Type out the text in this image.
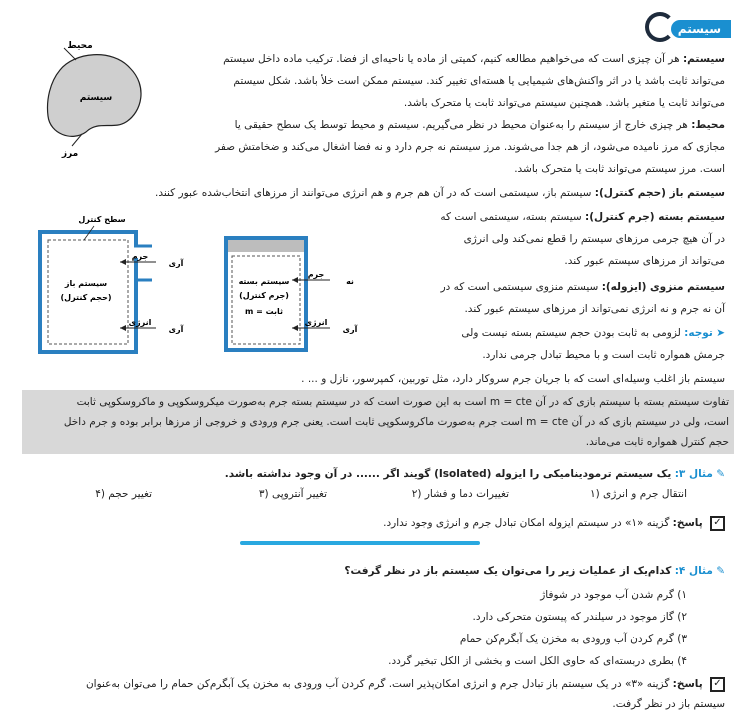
سیستم
محیط
سیستم
مرز
سیستم: هر آن چیزی است که می‌خواهیم مطالعه کنیم، کمیتی از ماده یا ناحیه‌ای از فضا. ترکیب ماده داخل سیستم
می‌تواند ثابت باشد یا در اثر واکنش‌های شیمیایی یا هسته‌ای تغییر کند. سیستم ممکن است خلأ باشد. شکل سیستم
می‌تواند ثابت یا متغیر باشد. همچنین سیستم می‌تواند ثابت یا متحرک باشد.
محیط: هر چیزی خارج از سیستم را به‌عنوان محیط در نظر می‌گیریم. سیستم و محیط توسط یک سطح حقیقی یا
مجازی که مرز نامیده می‌شود، از هم جدا می‌شوند. مرز سیستم نه جرم دارد و نه فضا اشغال می‌کند و ضخامتش صفر
است. مرز سیستم می‌تواند ثابت یا متحرک باشد.
سیستم باز (حجم کنترل): سیستم باز، سیستمی است که در آن هم جرم و هم انرژی می‌توانند از مرزهای انتخاب‌شده عبور کنند.
سیستم بسته (جرم کنترل): سیستم بسته، سیستمی است که
در آن هیچ جرمی مرزهای سیستم را قطع نمی‌کند ولی انرژی
می‌تواند از مرزهای سیستم عبور کند.
سیستم منزوی (ایزوله): سیستم منزوی سیستمی است که در
آن نه جرم و نه انرژی نمی‌تواند از مرزهای سیستم عبور کند.
➤ توجه: لزومی به ثابت بودن حجم سیستم بسته نیست ولی
جرمش همواره ثابت است و با محیط تبادل جرمی ندارد.
سیستم باز اغلب وسیله‌ای است که با جریان جرم سروکار دارد، مثل توربین، کمپرسور، نازل و ... .
سطح کنترل
سیستم باز
(حجم کنترل)
جرم
انرژی
آری
آری
سیستم بسته
(جرم کنترل)
m = ثابت
جرم
انرژی
نه
آری
تفاوت سیستم بسته با سیستم بازی که در آن m = cte است به این صورت است که در سیستم بسته جرم به‌صورت میکروسکوپی و ماکروسکوپی ثابت
است، ولی در سیستم بازی که در آن m = cte است جرم به‌صورت ماکروسکوپی ثابت است. یعنی جرم ورودی و خروجی از مرزها برابر بوده و جرم داخل
حجم کنترل همواره ثابت می‌ماند.
✎ مثال ۳: یک سیستم ترمودینامیکی را ایزوله (Isolated) گویند اگر ...... در آن وجود نداشته باشد.
۱) انتقال جرم و انرژی
۲) تغییرات دما و فشار
۳) تغییر آنتروپی
۴) تغییر حجم
✓ پاسخ: گزینه «۱» در سیستم ایزوله امکان تبادل جرم و انرژی وجود ندارد.
✎ مثال ۴: کدام‌یک از عملیات زیر را می‌توان یک سیستم باز در نظر گرفت؟
۱) گرم شدن آب موجود در شوفاژ
۲) گاز موجود در سیلندر که پیستون متحرکی دارد.
۳) گرم کردن آب ورودی به مخزن یک آبگرم‌کن حمام
۴) بطری دربسته‌ای که حاوی الکل است و بخشی از الکل تبخیر گردد.
✓ پاسخ: گزینه «۳» در یک سیستم باز تبادل جرم و انرژی امکان‌پذیر است. گرم کردن آب ورودی به مخزن یک آبگرم‌کن حمام را می‌توان به‌عنوان
سیستم باز در نظر گرفت.
